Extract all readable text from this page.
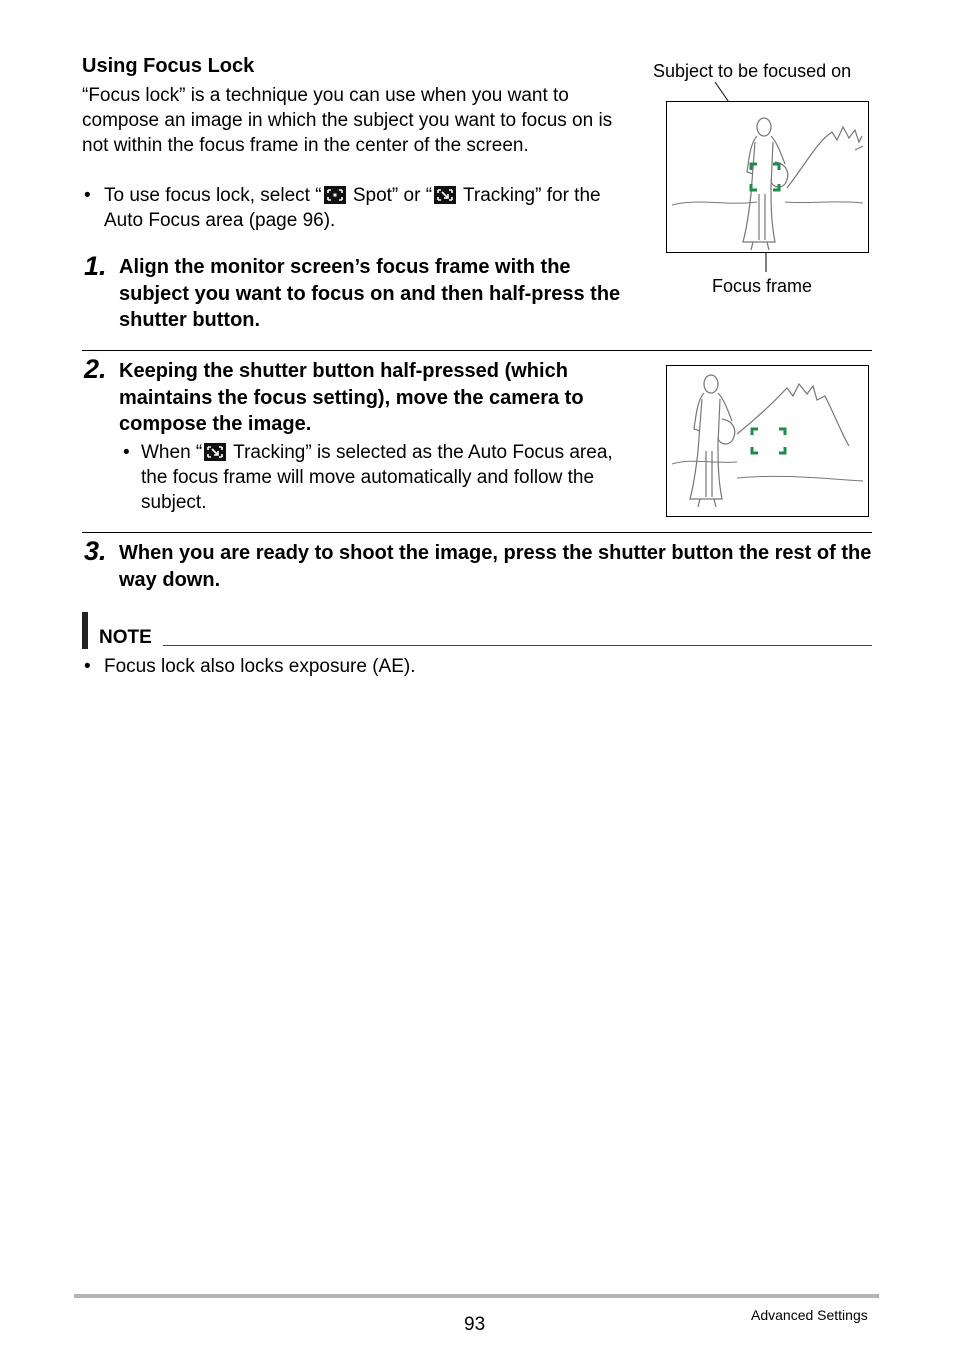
Using Focus Lock
“Focus lock” is a technique you can use when you want to compose an image in which the subject you want to focus on is not within the focus frame in the center of the screen.
• To use focus lock, select “ Spot” or “ Tracking” for the Auto Focus area (page 96).
Subject to be focused on
Focus frame
1. Align the monitor screen’s focus frame with the subject you want to focus on and then half-press the shutter button.
2. Keeping the shutter button half-pressed (which maintains the focus setting), move the camera to compose the image.
• When “ Tracking” is selected as the Auto Focus area, the focus frame will move automatically and follow the subject.
3. When you are ready to shoot the image, press the shutter button the rest of the way down.
NOTE
• Focus lock also locks exposure (AE).
93	Advanced Settings
